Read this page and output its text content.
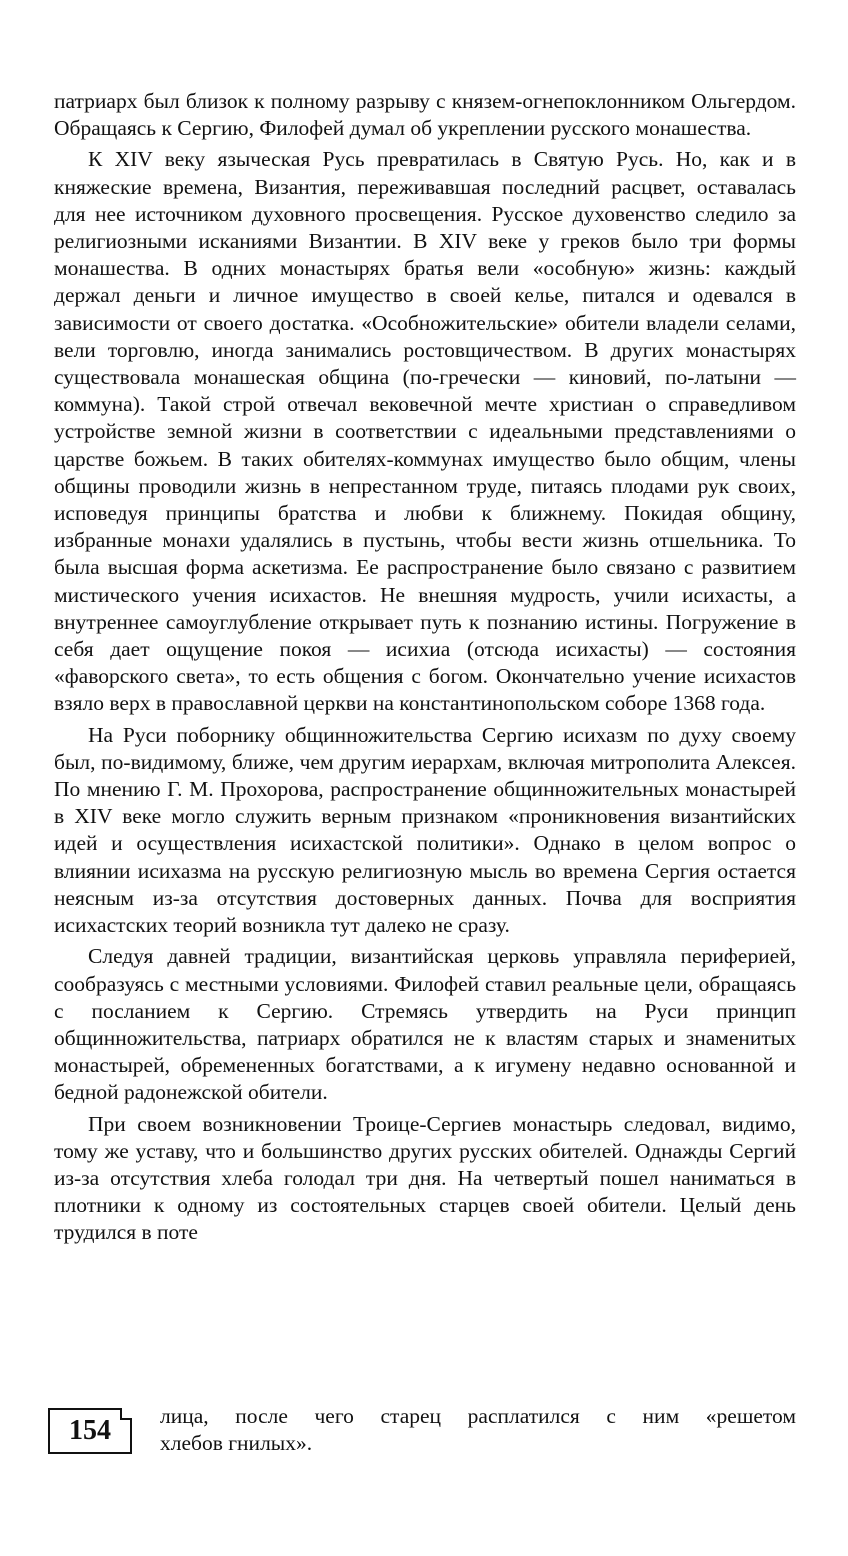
патриарх был близок к полному разрыву с князем-огнепоклонником Ольгердом. Обращаясь к Сергию, Филофей думал об укреплении русского монашества.

К XIV веку языческая Русь превратилась в Святую Русь. Но, как и в княжеские времена, Византия, переживавшая последний расцвет, оставалась для нее источником духовного просвещения. Русское духовенство следило за религиозными исканиями Византии. В XIV веке у греков было три формы монашества. В одних монастырях братья вели «особную» жизнь: каждый держал деньги и личное имущество в своей келье, питался и одевался в зависимости от своего достатка. «Особножительские» обители владели селами, вели торговлю, иногда занимались ростовщичеством. В других монастырях существовала монашеская община (по-гречески — киновий, по-латыни — коммуна). Такой строй отвечал вековечной мечте христиан о справедливом устройстве земной жизни в соответствии с идеальными представлениями о царстве божьем. В таких обителях-коммунах имущество было общим, члены общины проводили жизнь в непрестанном труде, питаясь плодами рук своих, исповедуя принципы братства и любви к ближнему. Покидая общину, избранные монахи удалялись в пустынь, чтобы вести жизнь отшельника. То была высшая форма аскетизма. Ее распространение было связано с развитием мистического учения исихастов. Не внешняя мудрость, учили исихасты, а внутреннее самоуглубление открывает путь к познанию истины. Погружение в себя дает ощущение покоя — исихиа (отсюда исихасты) — состояния «фаворского света», то есть общения с богом. Окончательно учение исихастов взяло верх в православной церкви на константинопольском соборе 1368 года.

На Руси поборнику общинножительства Сергию исихазм по духу своему был, по-видимому, ближе, чем другим иерархам, включая митрополита Алексея. По мнению Г. М. Прохорова, распространение общинножительных монастырей в XIV веке могло служить верным признаком «проникновения византийских идей и осуществления исихастской политики». Однако в целом вопрос о влиянии исихазма на русскую религиозную мысль во времена Сергия остается неясным из-за отсутствия достоверных данных. Почва для восприятия исихастских теорий возникла тут далеко не сразу.

Следуя давней традиции, византийская церковь управляла периферией, сообразуясь с местными условиями. Филофей ставил реальные цели, обращаясь с посланием к Сергию. Стремясь утвердить на Руси принцип общинножительства, патриарх обратился не к властям старых и знаменитых монастырей, обремененных богатствами, а к игумену недавно основанной и бедной радонежской обители.

При своем возникновении Троице-Сергиев монастырь следовал, видимо, тому же уставу, что и большинство других русских обителей. Однажды Сергий из-за отсутствия хлеба голодал три дня. На четвертый пошел наниматься в плотники к одному из состоятельных старцев своей обители. Целый день трудился в поте

154	лица, после чего старец расплатился с ним «решетом
хлебов гнилых».
